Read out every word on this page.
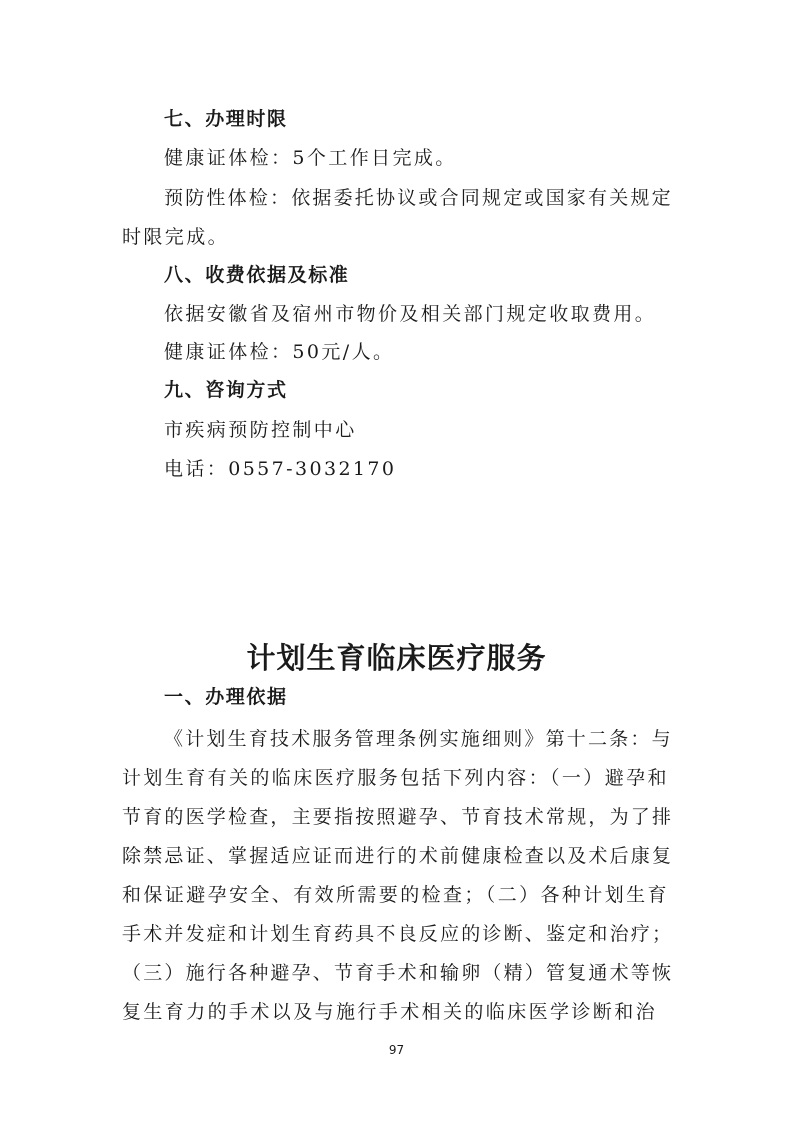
七、办理时限
健康证体检：5个工作日完成。
预防性体检：依据委托协议或合同规定或国家有关规定
时限完成。
八、收费依据及标准
依据安徽省及宿州市物价及相关部门规定收取费用。
健康证体检：50元/人。
九、咨询方式
市疾病预防控制中心
电话：0557-3032170
计划生育临床医疗服务
一、办理依据
《计划生育技术服务管理条例实施细则》第十二条：与
计划生育有关的临床医疗服务包括下列内容：（一）避孕和
节育的医学检查，主要指按照避孕、节育技术常规，为了排
除禁忌证、掌握适应证而进行的术前健康检查以及术后康复
和保证避孕安全、有效所需要的检查；（二）各种计划生育
手术并发症和计划生育药具不良反应的诊断、鉴定和治疗；
（三）施行各种避孕、节育手术和输卵（精）管复通术等恢
复生育力的手术以及与施行手术相关的临床医学诊断和治
97
